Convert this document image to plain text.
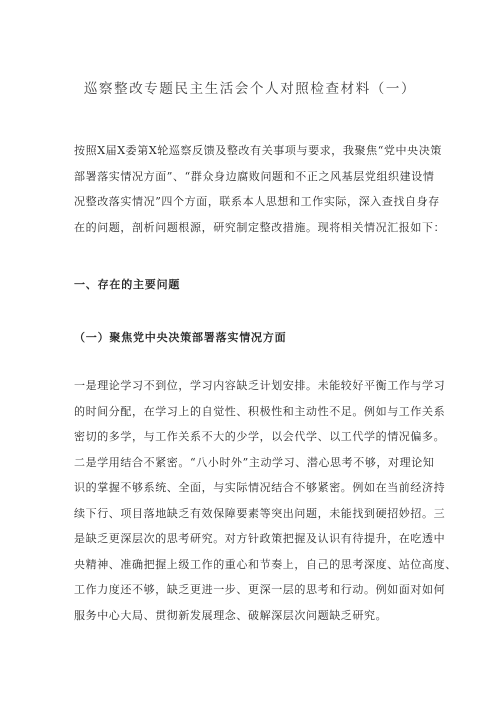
巡察整改专题民主生活会个人对照检查材料（一）

按照X届X委第X轮巡察反馈及整改有关事项与要求，我聚焦“党中央决策
部署落实情况方面”、“群众身边腐败问题和不正之风基层党组织建设情
况整改落实情况”四个方面，联系本人思想和工作实际，深入查找自身存
在的问题，剖析问题根源，研究制定整改措施。现将相关情况汇报如下：

一、存在的主要问题
（一）聚焦党中央决策部署落实情况方面

一是理论学习不到位，学习内容缺乏计划安排。未能较好平衡工作与学习
的时间分配，在学习上的自觉性、积极性和主动性不足。例如与工作关系
密切的多学，与工作关系不大的少学，以会代学、以工代学的情况偏多。
二是学用结合不紧密。“八小时外”主动学习、潜心思考不够，对理论知
识的掌握不够系统、全面，与实际情况结合不够紧密。例如在当前经济持
续下行、项目落地缺乏有效保障要素等突出问题，未能找到硬招妙招。三
是缺乏更深层次的思考研究。对方针政策把握及认识有待提升，在吃透中
央精神、准确把握上级工作的重心和节奏上，自己的思考深度、站位高度、
工作力度还不够，缺乏更进一步、更深一层的思考和行动。例如面对如何
服务中心大局、贯彻新发展理念、破解深层次问题缺乏研究。
